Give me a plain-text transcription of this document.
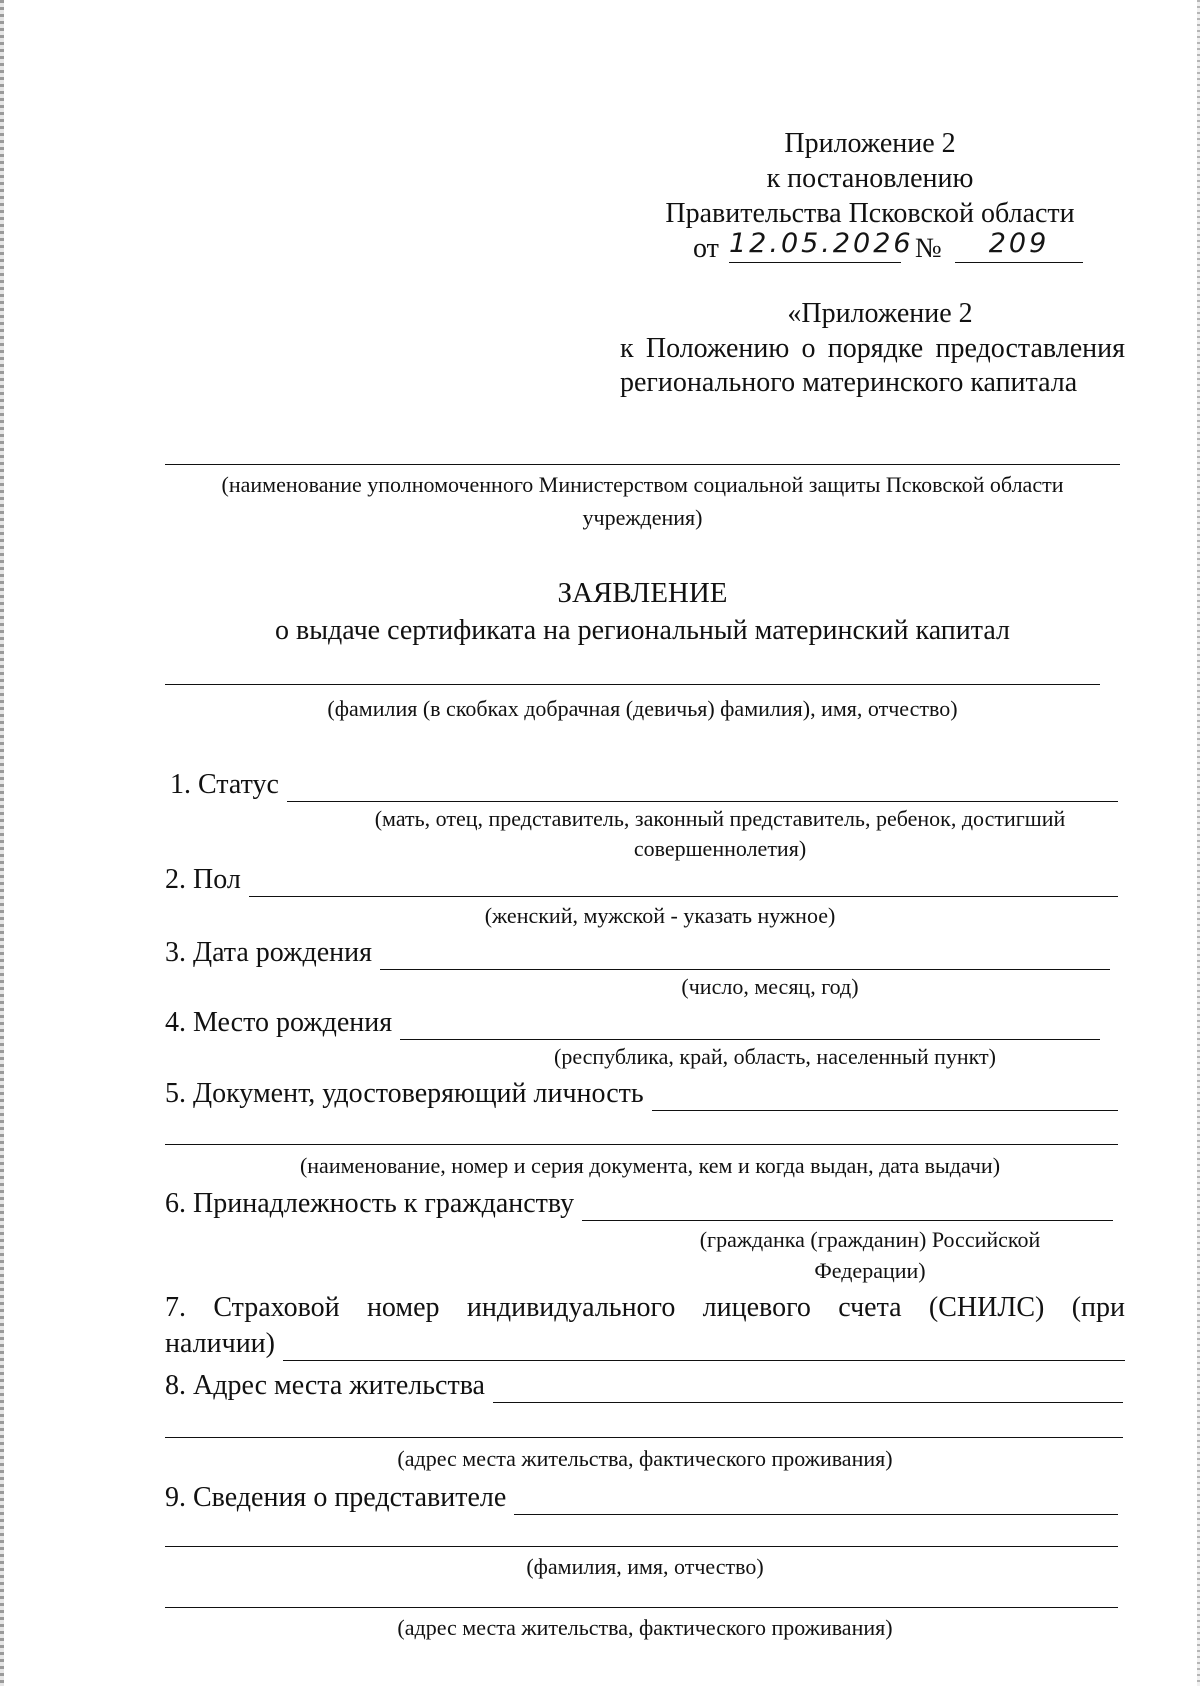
Приложение 2
к постановлению
Правительства Псковской области
от 12.05.2026 №	209
«Приложение 2
к Положению о порядке предоставления
регионального материнского капитала
(наименование уполномоченного Министерством социальной защиты Псковской области
учреждения)
ЗАЯВЛЕНИЕ
о выдаче сертификата на региональный материнский капитал
(фамилия (в скобках добрачная (девичья) фамилия), имя, отчество)
1. Статус
(мать, отец, представитель, законный представитель, ребенок, достигший
совершеннолетия)
2. Пол
(женский, мужской - указать нужное)
3. Дата рождения
(число, месяц, год)
4. Место рождения
(республика, край, область, населенный пункт)
5. Документ, удостоверяющий личность
(наименование, номер и серия документа, кем и когда выдан, дата выдачи)
6. Принадлежность к гражданству
(гражданка (гражданин) Российской
Федерации)
7. Страховой номер индивидуального лицевого счета (СНИЛС) (при
наличии)
8. Адрес места жительства
(адрес места жительства, фактического проживания)
9. Сведения о представителе
(фамилия, имя, отчество)
(адрес места жительства, фактического проживания)
